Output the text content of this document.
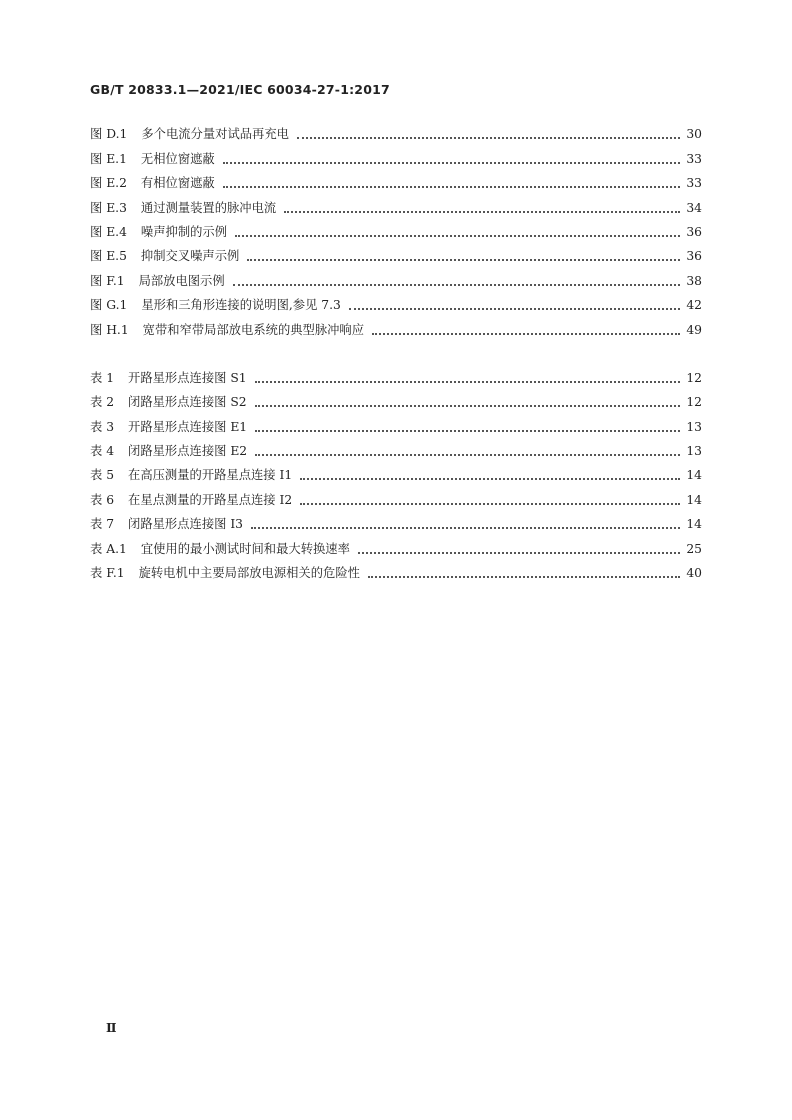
GB/T 20833.1—2021/IEC 60034-27-1:2017
图 D.1 多个电流分量对试品再充电	30
图 E.1 无相位窗遮蔽	33
图 E.2 有相位窗遮蔽	33
图 E.3 通过测量装置的脉冲电流	34
图 E.4 噪声抑制的示例	36
图 E.5 抑制交叉噪声示例	36
图 F.1 局部放电图示例	38
图 G.1 星形和三角形连接的说明图,参见 7.3	42
图 H.1 宽带和窄带局部放电系统的典型脉冲响应	49
表 1 开路星形点连接图 S1	12
表 2 闭路星形点连接图 S2	12
表 3 开路星形点连接图 E1	13
表 4 闭路星形点连接图 E2	13
表 5 在高压测量的开路星点连接 I1	14
表 6 在星点测量的开路星点连接 I2	14
表 7 闭路星形点连接图 I3	14
表 A.1 宜使用的最小测试时间和最大转换速率	25
表 F.1 旋转电机中主要局部放电源相关的危险性	40
Ⅱ
